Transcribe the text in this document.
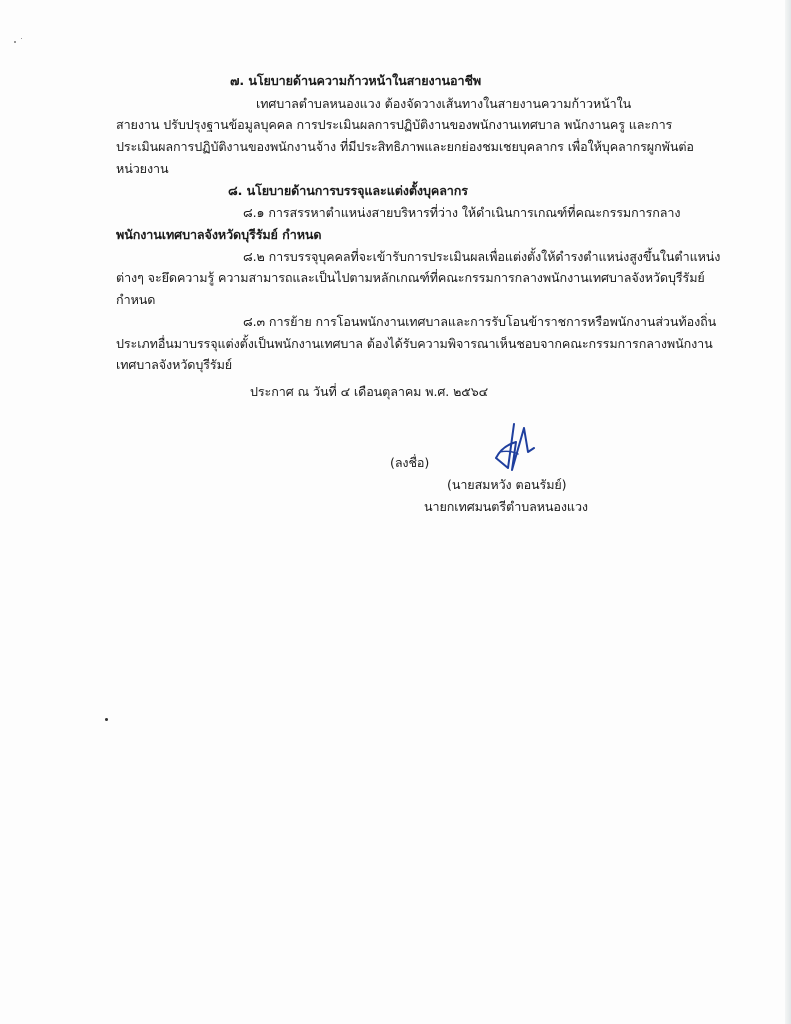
๗. นโยบายด้านความก้าวหน้าในสายงานอาชีพ
เทศบาลตำบลหนองแวง ต้องจัดวางเส้นทางในสายงานความก้าวหน้าใน
สายงาน ปรับปรุงฐานข้อมูลบุคคล การประเมินผลการปฏิบัติงานของพนักงานเทศบาล พนักงานครู และการ
ประเมินผลการปฏิบัติงานของพนักงานจ้าง ที่มีประสิทธิภาพและยกย่องชมเชยบุคลากร เพื่อให้บุคลากรผูกพันต่อ
หน่วยงาน
๘. นโยบายด้านการบรรจุและแต่งตั้งบุคลากร
๘.๑ การสรรหาตำแหน่งสายบริหารที่ว่าง ให้ดำเนินการเกณฑ์ที่คณะกรรมการกลาง
พนักงานเทศบาลจังหวัดบุรีรัมย์ กำหนด
๘.๒ การบรรจุบุคคลที่จะเข้ารับการประเมินผลเพื่อแต่งตั้งให้ดำรงตำแหน่งสูงขึ้นในตำแหน่ง
ต่างๆ จะยึดความรู้ ความสามารถและเป็นไปตามหลักเกณฑ์ที่คณะกรรมการกลางพนักงานเทศบาลจังหวัดบุรีรัมย์
กำหนด
๘.๓ การย้าย การโอนพนักงานเทศบาลและการรับโอนข้าราชการหรือพนักงานส่วนท้องถิ่น
ประเภทอื่นมาบรรจุแต่งตั้งเป็นพนักงานเทศบาล ต้องได้รับความพิจารณาเห็นชอบจากคณะกรรมการกลางพนักงาน
เทศบาลจังหวัดบุรีรัมย์
ประกาศ ณ วันที่ ๔ เดือนตุลาคม พ.ศ. ๒๕๖๔
(ลงชื่อ)
(นายสมหวัง ตอนรัมย์)
นายกเทศมนตรีตำบลหนองแวง
